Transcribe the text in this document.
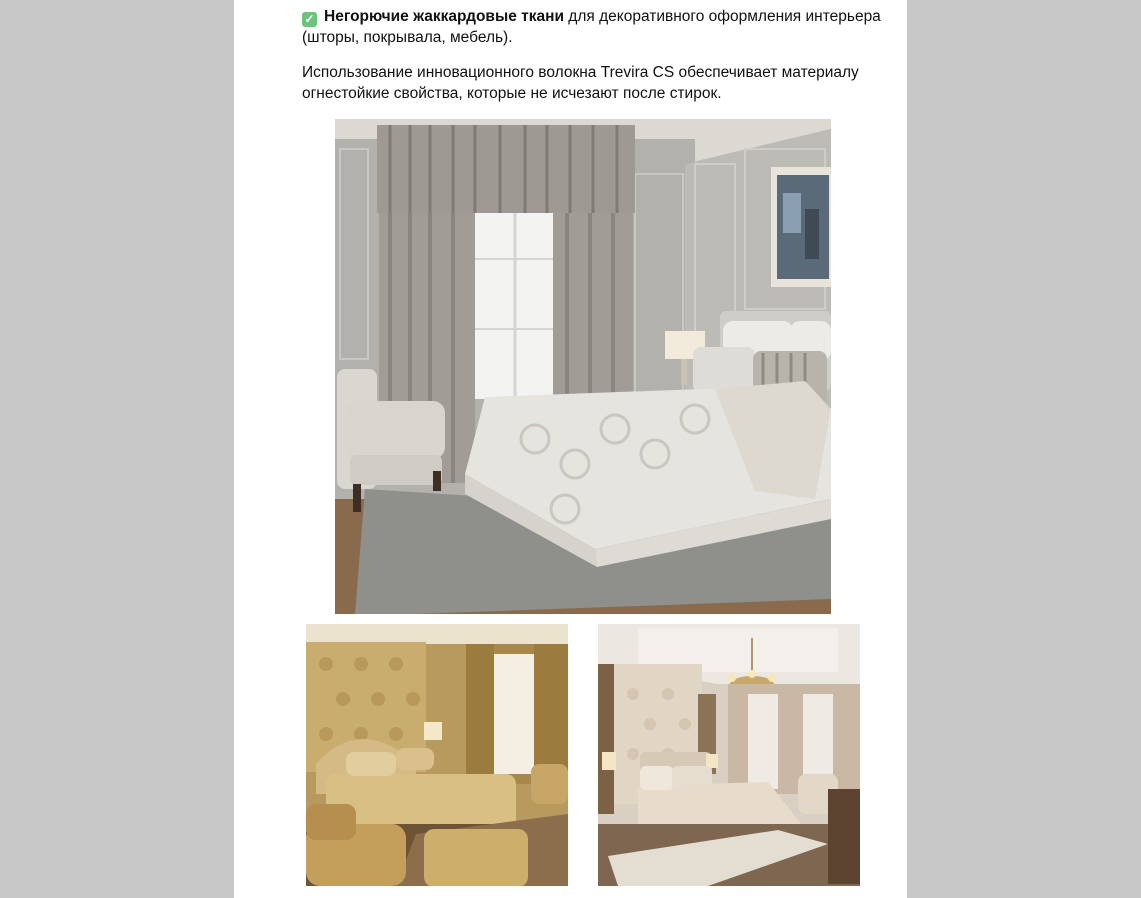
✓ Негорючие жаккардовые ткани для декоративного оформления интерьера (шторы, покрывала, мебель).

Использование инновационного волокна Trevira CS обеспечивает материалу огнестойкие свойства, которые не исчезают после стирок.
